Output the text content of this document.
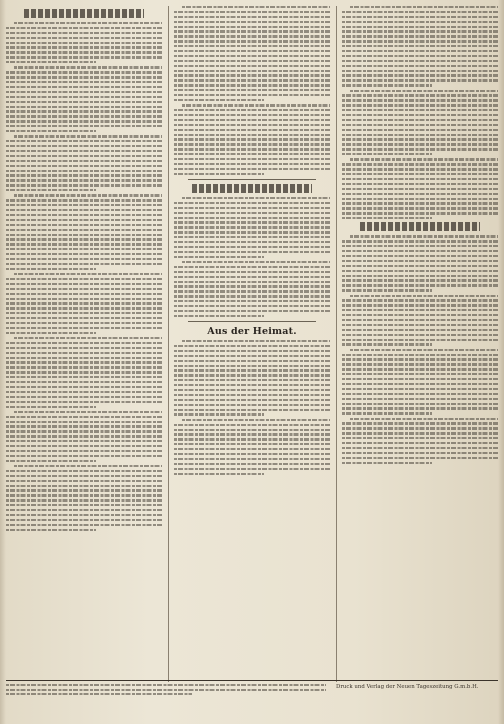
Aus der Heimat.
Druck und Verlag der Neuen Tageszeitung G.m.b.H.
